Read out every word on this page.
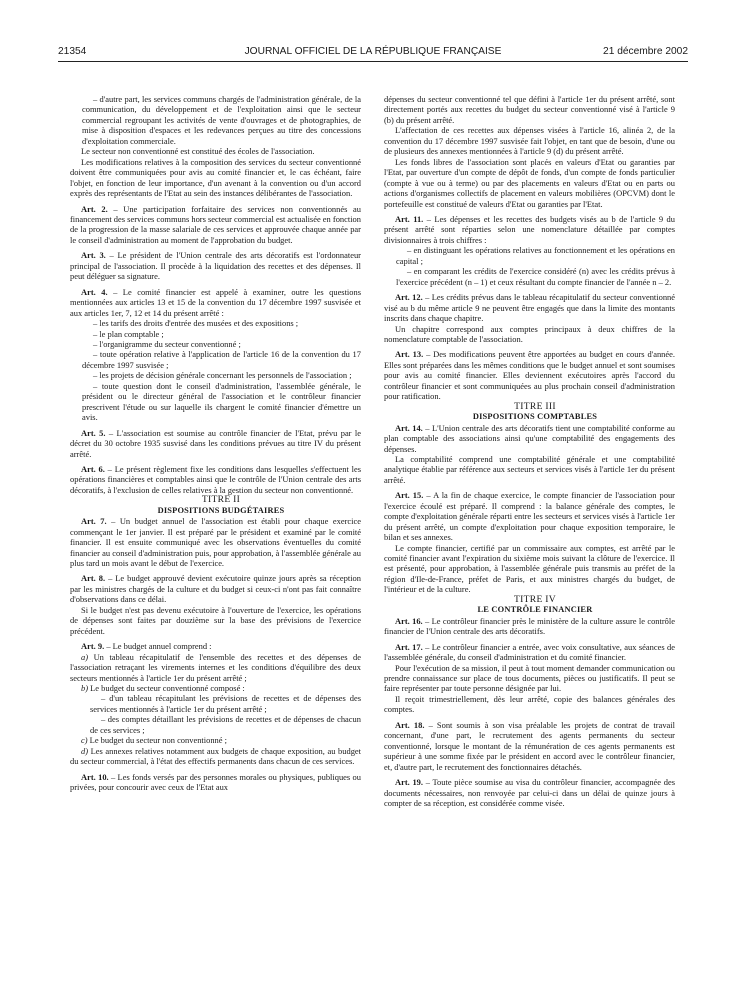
21354	JOURNAL OFFICIEL DE LA RÉPUBLIQUE FRANÇAISE	21 décembre 2002

– d'autre part, les services communs chargés de l'administration générale, de la communication, du développement et de l'exploitation ainsi que le secteur commercial regroupant les activités de vente d'ouvrages et de photographies, de mise à disposition d'espaces et les redevances perçues au titre des concessions d'exploitation commerciale.

Le secteur non conventionné est constitué des écoles de l'association.

Les modifications relatives à la composition des services du secteur conventionné doivent être communiquées pour avis au comité financier et, le cas échéant, faire l'objet, en fonction de leur importance, d'un avenant à la convention ou d'un accord exprès des représentants de l'Etat au sein des instances délibérantes de l'association.

Art. 2. – Une participation forfaitaire des services non conventionnés au financement des services communs hors secteur commercial est actualisée en fonction de la progression de la masse salariale de ces services et approuvée chaque année par le conseil d'administration au moment de l'approbation du budget.

Art. 3. – Le président de l'Union centrale des arts décoratifs est l'ordonnateur principal de l'association. Il procède à la liquidation des recettes et des dépenses. Il peut déléguer sa signature.

Art. 4. – Le comité financier est appelé à examiner, outre les questions mentionnées aux articles 13 et 15 de la convention du 17 décembre 1997 susvisée et aux articles 1er, 7, 12 et 14 du présent arrêté :

– les tarifs des droits d'entrée des musées et des expositions ;

– le plan comptable ;

– l'organigramme du secteur conventionné ;

– toute opération relative à l'application de l'article 16 de la convention du 17 décembre 1997 susvisée ;

– les projets de décision générale concernant les personnels de l'association ;

– toute question dont le conseil d'administration, l'assemblée générale, le président ou le directeur général de l'association et le contrôleur financier prescrivent l'étude ou sur laquelle ils chargent le comité financier d'émettre un avis.

Art. 5. – L'association est soumise au contrôle financier de l'Etat, prévu par le décret du 30 octobre 1935 susvisé dans les conditions prévues au titre IV du présent arrêté.

Art. 6. – Le présent règlement fixe les conditions dans lesquelles s'effectuent les opérations financières et comptables ainsi que le contrôle de l'Union centrale des arts décoratifs, à l'exclusion de celles relatives à la gestion du secteur non conventionné.

TITRE II

DISPOSITIONS BUDGÉTAIRES

Art. 7. – Un budget annuel de l'association est établi pour chaque exercice commençant le 1er janvier. Il est préparé par le président et examiné par le comité financier. Il est ensuite communiqué avec les observations éventuelles du comité financier au conseil d'administration puis, pour approbation, à l'assemblée générale au plus tard un mois avant le début de l'exercice.

Art. 8. – Le budget approuvé devient exécutoire quinze jours après sa réception par les ministres chargés de la culture et du budget si ceux-ci n'ont pas fait connaître d'observations dans ce délai.

Si le budget n'est pas devenu exécutoire à l'ouverture de l'exercice, les opérations de dépenses sont faites par douzième sur la base des prévisions de l'exercice précédent.

Art. 9. – Le budget annuel comprend :

a) Un tableau récapitulatif de l'ensemble des recettes et des dépenses de l'association retraçant les virements internes et les conditions d'équilibre des deux secteurs mentionnés à l'article 1er du présent arrêté ;

b) Le budget du secteur conventionné composé :

– d'un tableau récapitulant les prévisions de recettes et de dépenses des services mentionnés à l'article 1er du présent arrêté ;

– des comptes détaillant les prévisions de recettes et de dépenses de chacun de ces services ;

c) Le budget du secteur non conventionné ;

d) Les annexes relatives notamment aux budgets de chaque exposition, au budget du secteur commercial, à l'état des effectifs permanents dans chacun de ces services.

Art. 10. – Les fonds versés par des personnes morales ou physiques, publiques ou privées, pour concourir avec ceux de l'Etat aux

dépenses du secteur conventionné tel que défini à l'article 1er du présent arrêté, sont directement portés aux recettes du budget du secteur conventionné visé à l'article 9 (b) du présent arrêté.

L'affectation de ces recettes aux dépenses visées à l'article 16, alinéa 2, de la convention du 17 décembre 1997 susvisée fait l'objet, en tant que de besoin, d'une ou de plusieurs des annexes mentionnées à l'article 9 (d) du présent arrêté.

Les fonds libres de l'association sont placés en valeurs d'Etat ou garanties par l'Etat, par ouverture d'un compte de dépôt de fonds, d'un compte de fonds particulier (compte à vue ou à terme) ou par des placements en valeurs d'Etat ou en parts ou actions d'organismes collectifs de placement en valeurs mobilières (OPCVM) dont le portefeuille est constitué de valeurs d'Etat ou garanties par l'Etat.

Art. 11. – Les dépenses et les recettes des budgets visés au b de l'article 9 du présent arrêté sont réparties selon une nomenclature détaillée par comptes divisionnaires à trois chiffres :

– en distinguant les opérations relatives au fonctionnement et les opérations en capital ;

– en comparant les crédits de l'exercice considéré (n) avec les crédits prévus à l'exercice précédent (n – 1) et ceux résultant du compte financier de l'année n – 2.

Art. 12. – Les crédits prévus dans le tableau récapitulatif du secteur conventionné visé au b du même article 9 ne peuvent être engagés que dans la limite des montants inscrits dans chaque chapitre.

Un chapitre correspond aux comptes principaux à deux chiffres de la nomenclature comptable de l'association.

Art. 13. – Des modifications peuvent être apportées au budget en cours d'année. Elles sont préparées dans les mêmes conditions que le budget annuel et sont soumises pour avis au comité financier. Elles deviennent exécutoires après l'accord du contrôleur financier et sont communiquées au plus prochain conseil d'administration pour ratification.

TITRE III

DISPOSITIONS COMPTABLES

Art. 14. – L'Union centrale des arts décoratifs tient une comptabilité conforme au plan comptable des associations ainsi qu'une comptabilité des engagements des dépenses.

La comptabilité comprend une comptabilité générale et une comptabilité analytique établie par référence aux secteurs et services visés à l'article 1er du présent arrêté.

Art. 15. – A la fin de chaque exercice, le compte financier de l'association pour l'exercice écoulé est préparé. Il comprend : la balance générale des comptes, le compte d'exploitation générale réparti entre les secteurs et services visés à l'article 1er du présent arrêté, un compte d'exploitation pour chaque exposition temporaire, le bilan et ses annexes.

Le compte financier, certifié par un commissaire aux comptes, est arrêté par le comité financier avant l'expiration du sixième mois suivant la clôture de l'exercice. Il est présenté, pour approbation, à l'assemblée générale puis transmis au préfet de la région d'Ile-de-France, préfet de Paris, et aux ministres chargés du budget, de l'intérieur et de la culture.

TITRE IV

LE CONTRÔLE FINANCIER

Art. 16. – Le contrôleur financier près le ministère de la culture assure le contrôle financier de l'Union centrale des arts décoratifs.

Art. 17. – Le contrôleur financier a entrée, avec voix consultative, aux séances de l'assemblée générale, du conseil d'administration et du comité financier.

Pour l'exécution de sa mission, il peut à tout moment demander communication ou prendre connaissance sur place de tous documents, pièces ou justificatifs. Il peut se faire représenter par toute personne désignée par lui.

Il reçoit trimestriellement, dès leur arrêté, copie des balances générales des comptes.

Art. 18. – Sont soumis à son visa préalable les projets de contrat de travail concernant, d'une part, le recrutement des agents permanents du secteur conventionné, lorsque le montant de la rémunération de ces agents permanents est supérieur à une somme fixée par le président en accord avec le contrôleur financier, et, d'autre part, le recrutement des fonctionnaires détachés.

Art. 19. – Toute pièce soumise au visa du contrôleur financier, accompagnée des documents nécessaires, non renvoyée par celui-ci dans un délai de quinze jours à compter de sa réception, est considérée comme visée.
